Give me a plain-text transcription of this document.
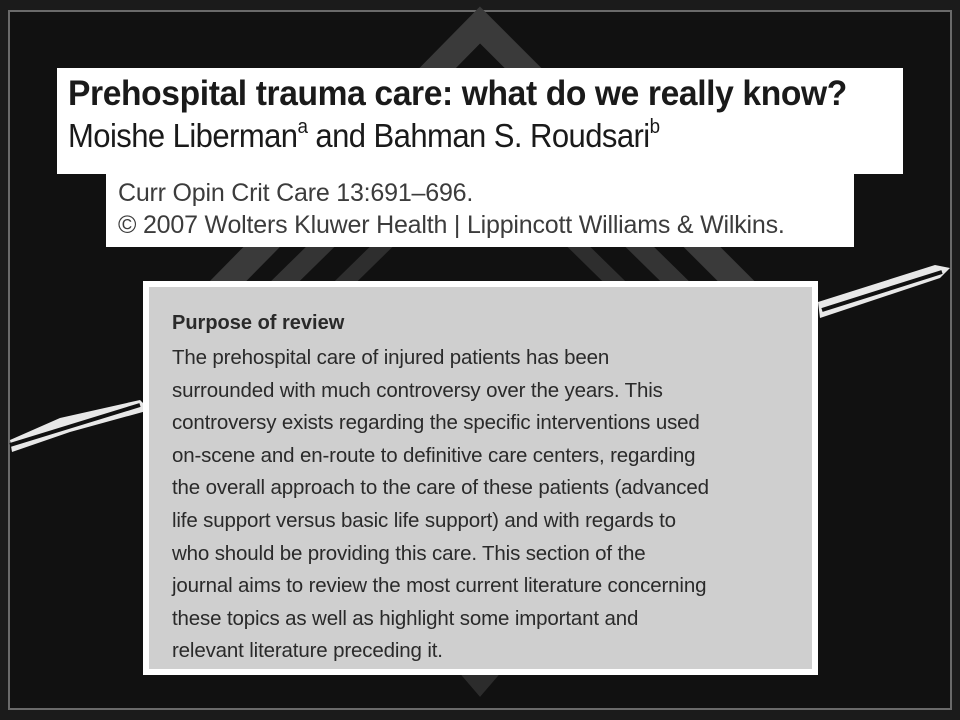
Prehospital trauma care: what do we really know?
Moishe Liberman$^a$ and Bahman S. Roudsari$^b$
Curr Opin Crit Care 13:691–696.
© 2007 Wolters Kluwer Health | Lippincott Williams & Wilkins.
Purpose of review
The prehospital care of injured patients has been
surrounded with much controversy over the years. This
controversy exists regarding the specific interventions used
on-scene and en-route to definitive care centers, regarding
the overall approach to the care of these patients (advanced
life support versus basic life support) and with regards to
who should be providing this care. This section of the
journal aims to review the most current literature concerning
these topics as well as highlight some important and
relevant literature preceding it.
